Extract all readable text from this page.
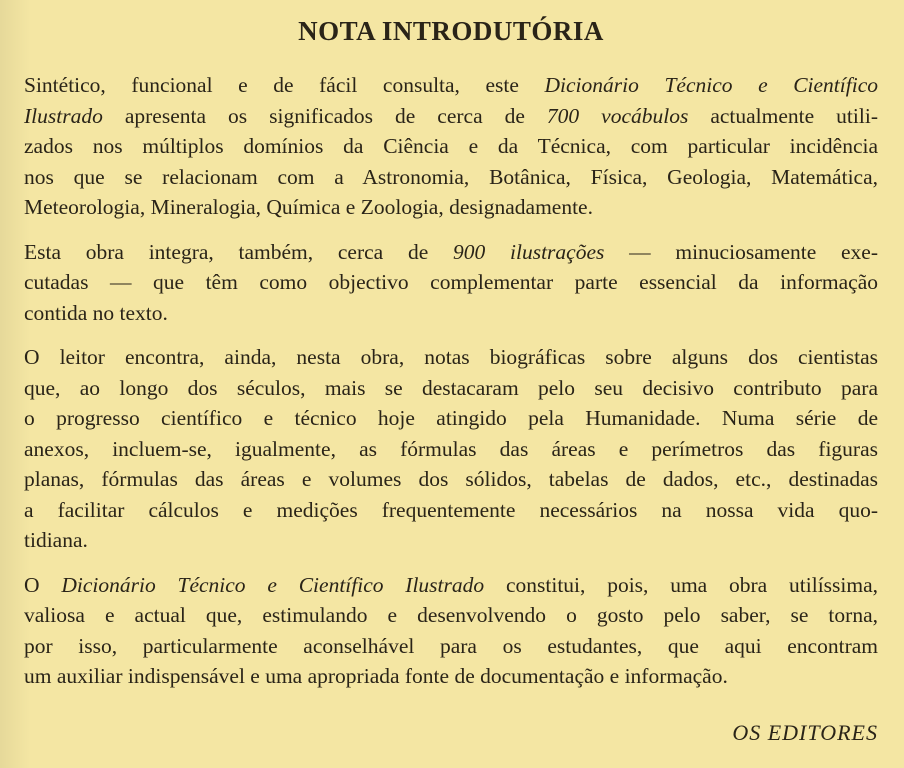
NOTA INTRODUTÓRIA
Sintético, funcional e de fácil consulta, este Dicionário Técnico e Científico
Ilustrado apresenta os significados de cerca de 700 vocábulos actualmente utili-
zados nos múltiplos domínios da Ciência e da Técnica, com particular incidência
nos que se relacionam com a Astronomia, Botânica, Física, Geologia, Matemática,
Meteorologia, Mineralogia, Química e Zoologia, designadamente.
Esta obra integra, também, cerca de 900 ilustrações — minuciosamente exe-
cutadas — que têm como objectivo complementar parte essencial da informação
contida no texto.
O leitor encontra, ainda, nesta obra, notas biográficas sobre alguns dos cientistas
que, ao longo dos séculos, mais se destacaram pelo seu decisivo contributo para
o progresso científico e técnico hoje atingido pela Humanidade. Numa série de
anexos, incluem-se, igualmente, as fórmulas das áreas e perímetros das figuras
planas, fórmulas das áreas e volumes dos sólidos, tabelas de dados, etc., destinadas
a facilitar cálculos e medições frequentemente necessários na nossa vida quo-
tidiana.
O Dicionário Técnico e Científico Ilustrado constitui, pois, uma obra utilíssima,
valiosa e actual que, estimulando e desenvolvendo o gosto pelo saber, se torna,
por isso, particularmente aconselhável para os estudantes, que aqui encontram
um auxiliar indispensável e uma apropriada fonte de documentação e informação.
OS EDITORES
